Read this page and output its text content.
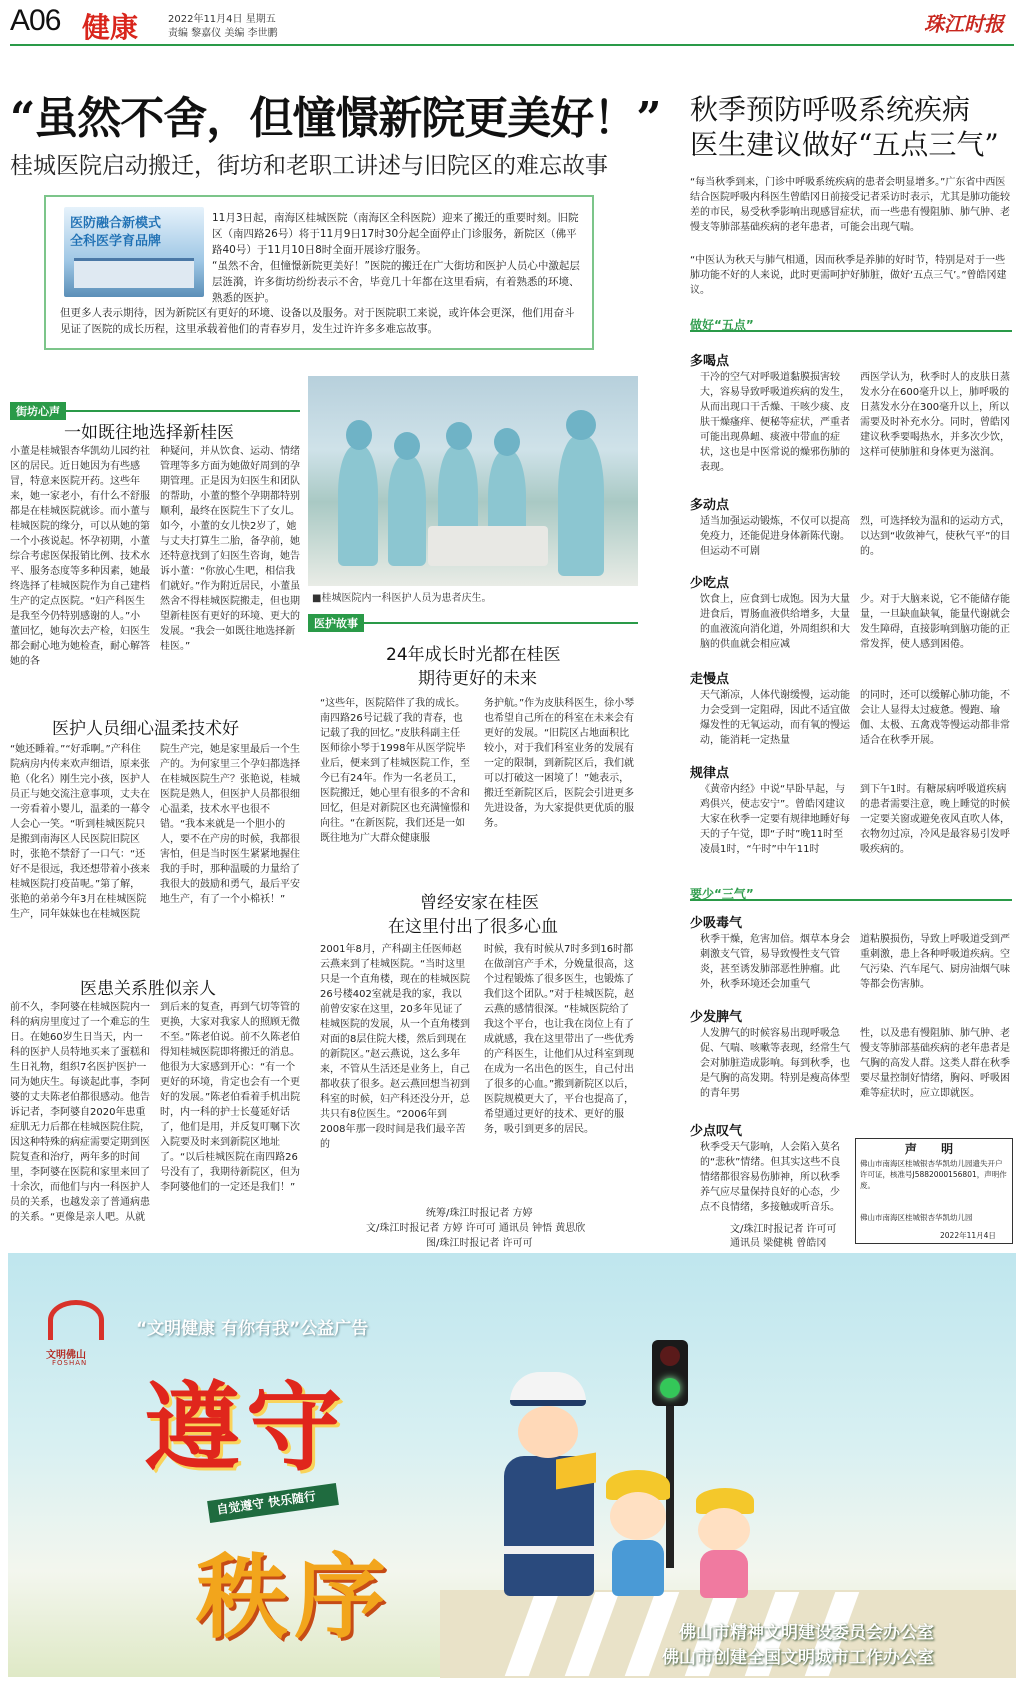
A06 健康	2022年11月4日 星期五
责编 黎嘉仪 美编 李世鹏	珠江时报
“虽然不舍，但憧憬新院更美好！”
桂城医院启动搬迁，街坊和老职工讲述与旧院区的难忘故事
医防融合新模式
全科医学育品牌
11月3日起，南海区桂城医院（南海区全科医院）迎来了搬迁的重要时刻。旧院区（南四路26号）将于11月9日17时30分起全面停止门诊服务，新院区（佛平路40号）于11月10日8时全面开展诊疗服务。
“虽然不舍，但憧憬新院更美好！”医院的搬迁在广大街坊和医护人员心中激起层层涟漪，许多街坊纷纷表示不舍，毕竟几十年都在这里看病，有着熟悉的环境、熟悉的医护。
但更多人表示期待，因为新院区有更好的环境、设备以及服务。对于医院职工来说，或许体会更深，他们用奋斗见证了医院的成长历程，这里承载着他们的青春岁月，发生过许许多多难忘故事。
秋季预防呼吸系统疾病
医生建议做好“五点三气”
“每当秋季到来，门诊中呼吸系统疾病的患者会明显增多。”广东省中西医结合医院呼吸内科医生曾皓冈日前接受记者采访时表示，尤其是肺功能较差的市民，易受秋季影响出现感冒症状，而一些患有慢阻肺、肺气肿、老慢支等肺部基础疾病的老年患者，可能会出现气喘。
“中医认为秋天与肺气相通，因而秋季是养肺的好时节，特别是对于一些肺功能不好的人来说，此时更需呵护好肺脏，做好‘五点三气’。”曾皓冈建议。
做好“五点”
多喝点
干冷的空气对呼吸道黏膜损害较大，容易导致呼吸道疾病的发生，从而出现口干舌燥、干咳少痰、皮肤干燥瘙痒、便秘等症状，严重者可能出现鼻衄、痰液中带血的症状，这也是中医常说的燥邪伤肺的表现。
西医学认为，秋季时人的皮肤日蒸发水分在600毫升以上，肺呼吸的日蒸发水分在300毫升以上，所以需要及时补充水分。同时，曾皓冈建议秋季要喝热水，并多次少饮，这样可使肺脏和身体更为滋润。
多动点
适当加强运动锻炼，不仅可以提高免疫力，还能促进身体新陈代谢。但运动不可剧
烈，可选择较为温和的运动方式，以达到“收敛神气，使秋气平”的目的。
少吃点
饮食上，应食到七成饱。因为大量进食后，胃肠血液供给增多，大量的血液流向消化道，外周组织和大脑的供血就会相应减
少。对于大脑来说，它不能储存能量，一旦缺血缺氧，能量代谢就会发生障碍，直接影响到脑功能的正常发挥，使人感到困倦。
走慢点
天气渐凉，人体代谢缓慢，运动能力会受到一定阻碍，因此不适宜做爆发性的无氧运动，而有氧的慢运动，能消耗一定热量
的同时，还可以缓解心肺功能，不会让人显得太过疲惫。慢跑、瑜伽、太极、五禽戏等慢运动都非常适合在秋季开展。
规律点
《黄帝内经》中说“早卧早起，与鸡俱兴，使志安宁”。曾皓冈建议大家在秋季一定要有规律地睡好每天的子午觉，即“子时”晚11时至凌晨1时，“午时”中午11时
到下午1时。有糖尿病呼吸道疾病的患者需要注意，晚上睡觉的时候一定要关窗或避免夜风直吹人体，衣物勿过凉，冷风是最容易引发呼吸疾病的。
要少“三气”
少吸毒气
秋季干燥，危害加倍。烟草本身会刺激支气管，易导致慢性支气管炎，甚至诱发肺部恶性肿瘤。此外，秋季环境还会加重气
道粘膜损伤，导致上呼吸道受到严重刺激，患上各种呼吸道疾病。空气污染、汽车尾气、厨房油烟气味等都会伤害肺。
少发脾气
人发脾气的时候容易出现呼吸急促、气喘、咳嗽等表现，经常生气会对肺脏造成影响。每到秋季，也是气胸的高发期。特别是瘦高体型的青年男
性，以及患有慢阻肺、肺气肿、老慢支等肺部基础疾病的老年患者是气胸的高发人群。这类人群在秋季要尽量控制好情绪，胸闷、呼吸困难等症状时，应立即就医。
少点叹气
秋季受天气影响，人会陷入莫名的“悲秋”情绪。但其实这些不良情绪都很容易伤肺神，所以秋季养气应尽量保持良好的心态，少点不良情绪，多接触或听音乐。
文/珠江时报记者 许可可
通讯员 梁健桃 曾皓冈
声 明
佛山市南海区桂城银杏华凯幼儿园遗失开户许可证，核准号J5882000156801，声明作废。
佛山市南海区桂城银杏华凯幼儿园
2022年11月4日
街坊心声
一如既往地选择新桂医
小董是桂城银杏华凯幼儿园约社区的居民。近日她因为有些感冒，特意来医院开药。这些年来，她一家老小，有什么不舒服都是在桂城医院就诊。而小董与桂城医院的缘分，可以从她的第一个小孩说起。怀孕初期，小董综合考虑医保报销比例、技术水平、服务态度等多种因素，她最终选择了桂城医院作为自己建档生产的定点医院。“妇产科医生是我至今仍特别感谢的人。”小董回忆，她每次去产检，妇医生都会耐心地为她检查，耐心解答她的各
种疑问，并从饮食、运动、情绪管理等多方面为她做好周到的孕期管理。正是因为妇医生和团队的帮助，小董的整个孕期都特别顺利，最终在医院生下了女儿。如今，小董的女儿快2岁了，她与丈夫打算生二胎，备孕前，她还特意找到了妇医生咨询，她告诉小董：“你放心生吧，相信我们就好。”作为附近居民，小董虽然舍不得桂城医院搬走，但也期望新桂医有更好的环境、更大的发展。“我会一如既往地选择新桂医。”
医护人员细心温柔技术好
“她还睡着。”“好乖啊。”产科住院病房内传来欢声细语，原来张艳（化名）刚生完小孩，医护人员正与她交流注意事项，丈夫在一旁看着小婴儿，温柔的一幕令人会心一笑。“听到桂城医院只是搬到南海区人民医院旧院区时，张艳不禁舒了一口气：“还好不是很远，我还想带着小孩来桂城医院打疫苗呢。”第了解，张艳的弟弟今年3月在桂城医院生产，同年妹妹也在桂城医院
院生产完，她是家里最后一个生产的。为何家里三个孕妇都选择在桂城医院生产？张艳说，桂城医院是熟人，但医护人员都很细心温柔，技术水平也很不错。“我本来就是一个胆小的人，要不在产房的时候，我都很害怕，但是当时医生紧紧地握住我的手时，那种温暖的力量给了我很大的鼓励和勇气，最后平安地生产，有了一个小棉袄！”
医患关系胜似亲人
前不久，李阿婆在桂城医院内一科的病房里度过了一个难忘的生日。在她60岁生日当天，内一科的医护人员特地买来了蛋糕和生日礼物，组织7名医护医护一同为她庆生。每谈起此事，李阿婆的丈夫陈老伯都很感动。他告诉记者，李阿婆自2020年患重症肌无力后都在桂城医院住院，因这种特殊的病症需要定期到医院复查和治疗，两年多的时间里，李阿婆在医院和家里来回了十余次，而他们与内一科医护人员的关系，也越发亲了普通病患的关系。“更像是亲人吧。从就
到后来的复查，再到气切等管的更换，大家对我家人的照顾无微不至。”陈老伯说。前不久陈老伯得知桂城医院即将搬迁的消息。他很为大家感到开心：“有一个更好的环境，肯定也会有一个更好的发展。”陈老伯看着手机出院时，内一科的护士长蔓延好话了，他们是用，并反复叮嘱下次入院要及时来到新院区地址了。“以后桂城医院在南四路26号没有了，我期待新院区，但为李阿婆他们的一定还是我们！”
■桂城医院内一科医护人员为患者庆生。
医护故事
24年成长时光都在桂医
期待更好的未来
“这些年，医院陪伴了我的成长。南四路26号记载了我的青春，也记载了我的回忆。”皮肤科副主任医师徐小琴于1998年从医学院毕业后，便来到了桂城医院工作，至今已有24年。作为一名老员工，医院搬迁，她心里有很多的不舍和回忆，但是对新院区也充满憧憬和向往。“在新医院，我们还是一如既往地为广大群众健康服
务护航。”作为皮肤科医生，徐小琴也希望自己所在的科室在未来会有更好的发展。“旧院区占地面积比较小，对于我们科室业务的发展有一定的限制，到新院区后，我们就可以打破这一困境了！”她表示，搬迁至新院区后，医院会引进更多先进设备，为大家提供更优质的服务。
曾经安家在桂医
在这里付出了很多心血
2001年8月，产科副主任医师赵云燕来到了桂城医院。“当时这里只是一个直角楼，现在的桂城医院26号楼402室就是我的家，我以前曾安家在这里，20多年见证了桂城医院的发展，从一个直角楼到对面的8层住院大楼，然后到现在的新院区。”赵云燕说，这么多年来，不管从生活还是业务上，自己都收获了很多。赵云燕回想当初到科室的时候，妇产科还没分开，总共只有8位医生。“2006年到2008年那一段时间是我们最辛苦的
时候，我有时候从7时多到16时都在做剖宫产手术，分娩量很高，这个过程锻炼了很多医生，也锻炼了我们这个团队。”对于桂城医院，赵云燕的感情很深。“桂城医院给了我这个平台，也让我在岗位上有了成就感，我在这里带出了一些优秀的产科医生，让他们从过科室到现在成为一名出色的医生，自己付出了很多的心血。”搬到新院区以后，医院规模更大了，平台也提高了，希望通过更好的技术、更好的服务，吸引到更多的居民。
统筹/珠江时报记者 方婷
文/珠江时报记者 方婷 许可可 通讯员 钟悟 黄思欣
图/珠江时报记者 许可可
文明佛山
FOSHAN
“文明健康 有你有我”公益广告
遵守
自觉遵守 快乐随行
秩序	佛山市精神文明建设委员会办公室
佛山市创建全国文明城市工作办公室
